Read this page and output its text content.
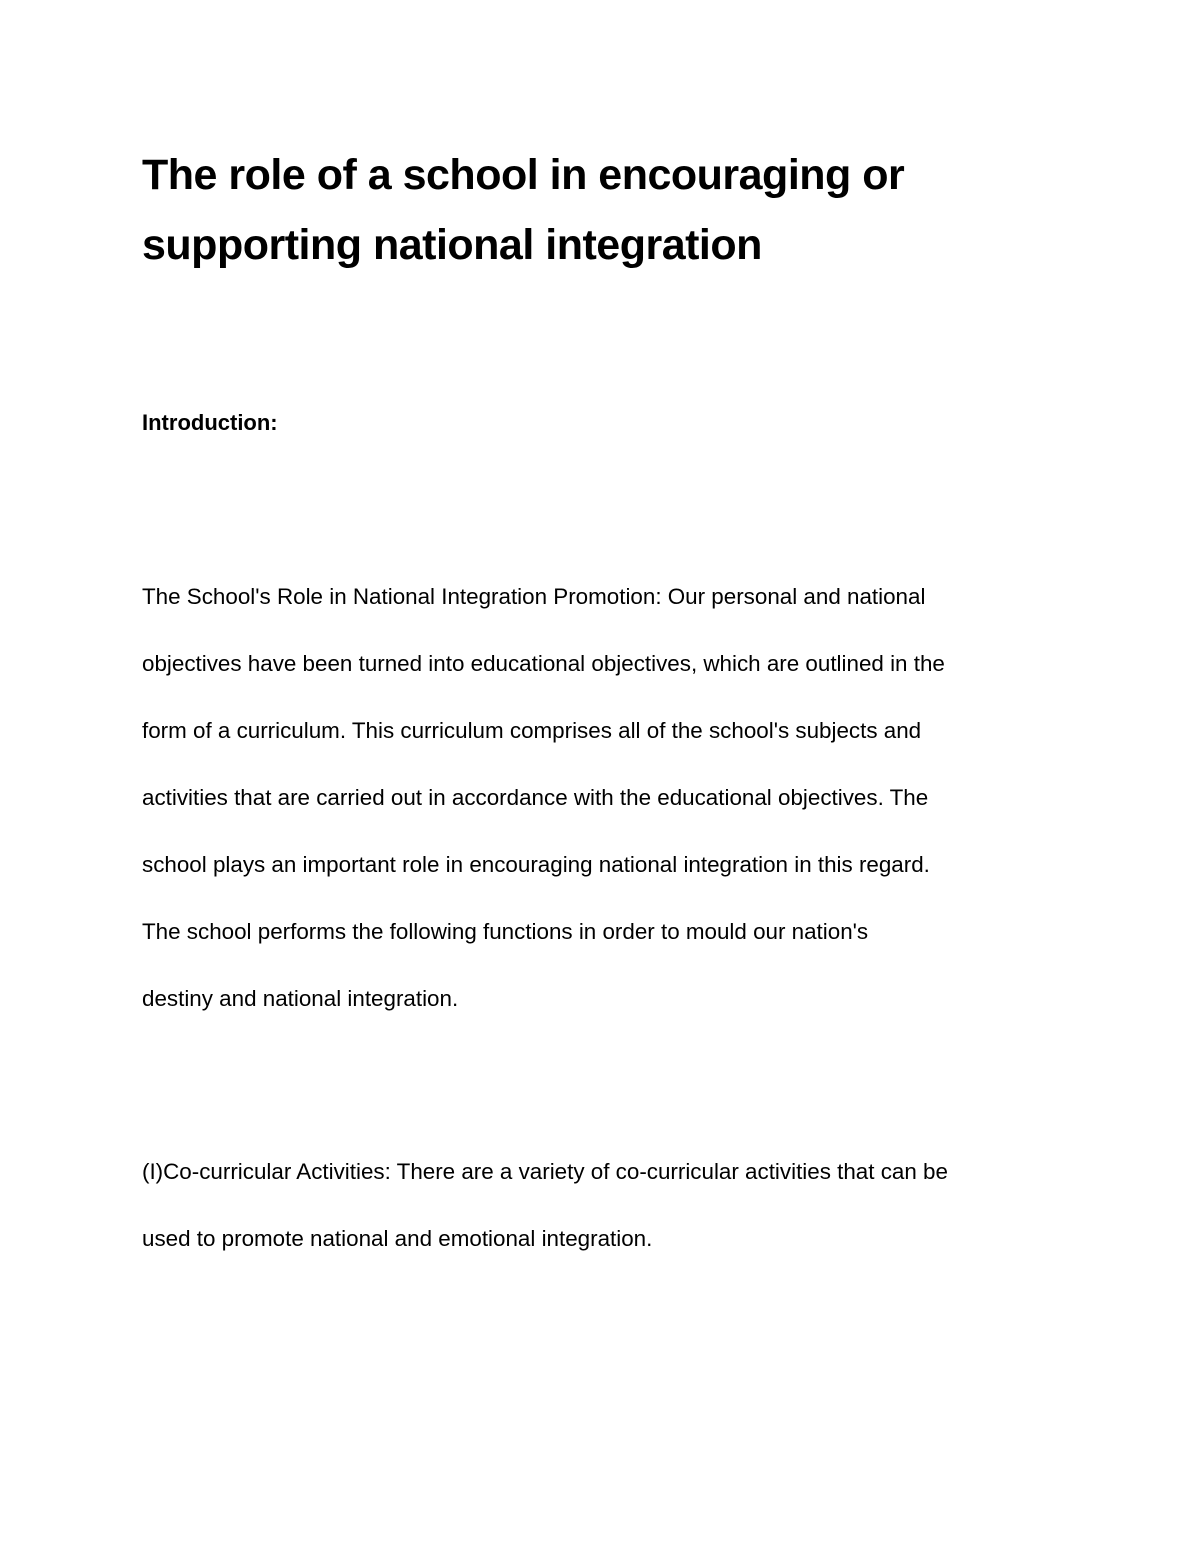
The role of a school in encouraging or
supporting national integration
Introduction:

The School's Role in National Integration Promotion: Our personal and national
objectives have been turned into educational objectives, which are outlined in the
form of a curriculum. This curriculum comprises all of the school's subjects and
activities that are carried out in accordance with the educational objectives. The
school plays an important role in encouraging national integration in this regard.
The school performs the following functions in order to mould our nation's
destiny and national integration.

(I)Co-curricular Activities: There are a variety of co-curricular activities that can be
used to promote national and emotional integration.
